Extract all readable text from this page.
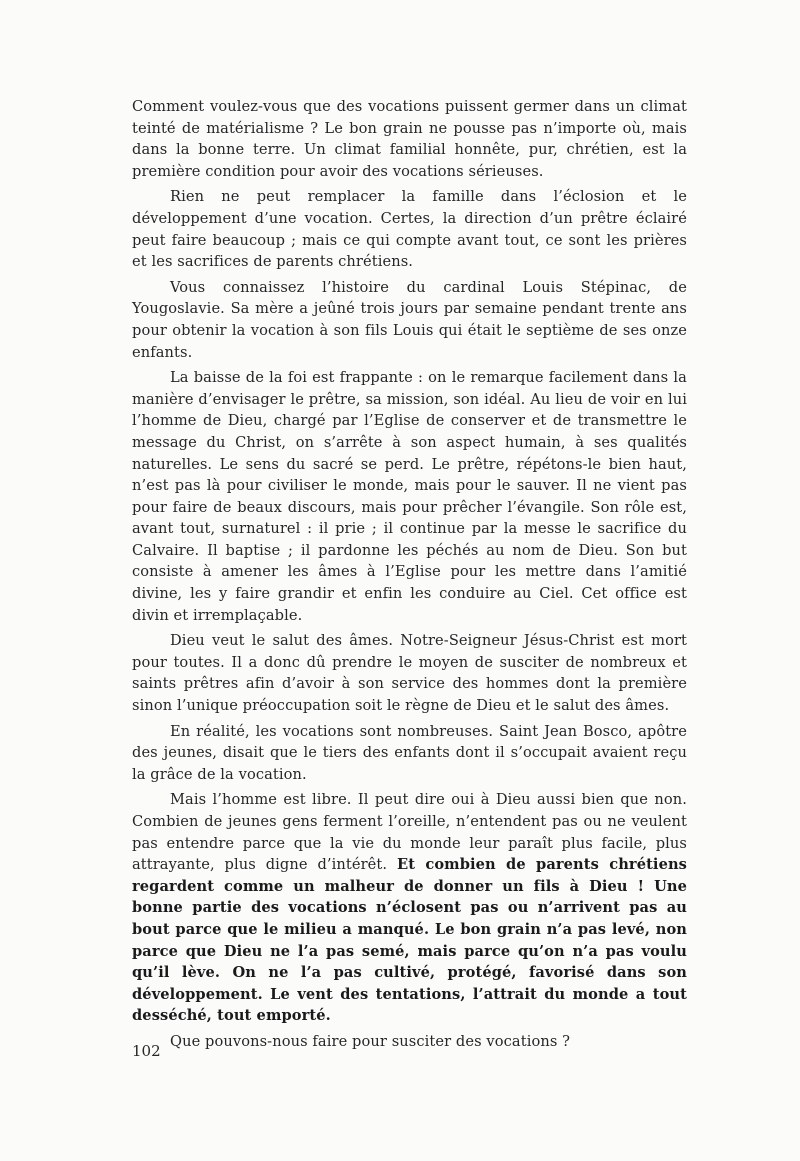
Comment voulez-vous que des vocations puissent germer dans un climat teinté de matérialisme ? Le bon grain ne pousse pas n’importe où, mais dans la bonne terre. Un climat familial honnête, pur, chrétien, est la première condition pour avoir des vocations sérieuses.

Rien ne peut remplacer la famille dans l’éclosion et le développement d’une vocation. Certes, la direction d’un prêtre éclairé peut faire beaucoup ; mais ce qui compte avant tout, ce sont les prières et les sacrifices de parents chrétiens.

Vous connaissez l’histoire du cardinal Louis Stépinac, de Yougoslavie. Sa mère a jeûné trois jours par semaine pendant trente ans pour obtenir la vocation à son fils Louis qui était le septième de ses onze enfants.

La baisse de la foi est frappante : on le remarque facilement dans la manière d’envisager le prêtre, sa mission, son idéal. Au lieu de voir en lui l’homme de Dieu, chargé par l’Eglise de conserver et de transmettre le message du Christ, on s’arrête à son aspect humain, à ses qualités naturelles. Le sens du sacré se perd. Le prêtre, répétons-le bien haut, n’est pas là pour civiliser le monde, mais pour le sauver. Il ne vient pas pour faire de beaux discours, mais pour prêcher l’évangile. Son rôle est, avant tout, surnaturel : il prie ; il continue par la messe le sacrifice du Calvaire. Il baptise ; il pardonne les péchés au nom de Dieu. Son but consiste à amener les âmes à l’Eglise pour les mettre dans l’amitié divine, les y faire grandir et enfin les conduire au Ciel. Cet office est divin et irremplaçable.

Dieu veut le salut des âmes. Notre-Seigneur Jésus-Christ est mort pour toutes. Il a donc dû prendre le moyen de susciter de nombreux et saints prêtres afin d’avoir à son service des hommes dont la première sinon l’unique préoccupation soit le règne de Dieu et le salut des âmes.

En réalité, les vocations sont nombreuses. Saint Jean Bosco, apôtre des jeunes, disait que le tiers des enfants dont il s’occupait avaient reçu la grâce de la vocation.

Mais l’homme est libre. Il peut dire oui à Dieu aussi bien que non. Combien de jeunes gens ferment l’oreille, n’entendent pas ou ne veulent pas entendre parce que la vie du monde leur paraît plus facile, plus attrayante, plus digne d’intérêt. Et combien de parents chrétiens regardent comme un malheur de donner un fils à Dieu ! Une bonne partie des vocations n’éclosent pas ou n’arrivent pas au bout parce que le milieu a manqué. Le bon grain n’a pas levé, non parce que Dieu ne l’a pas semé, mais parce qu’on n’a pas voulu qu’il lève. On ne l’a pas cultivé, protégé, favorisé dans son développement. Le vent des tentations, l’attrait du monde a tout desséché, tout emporté.

Que pouvons-nous faire pour susciter des vocations ?

102
